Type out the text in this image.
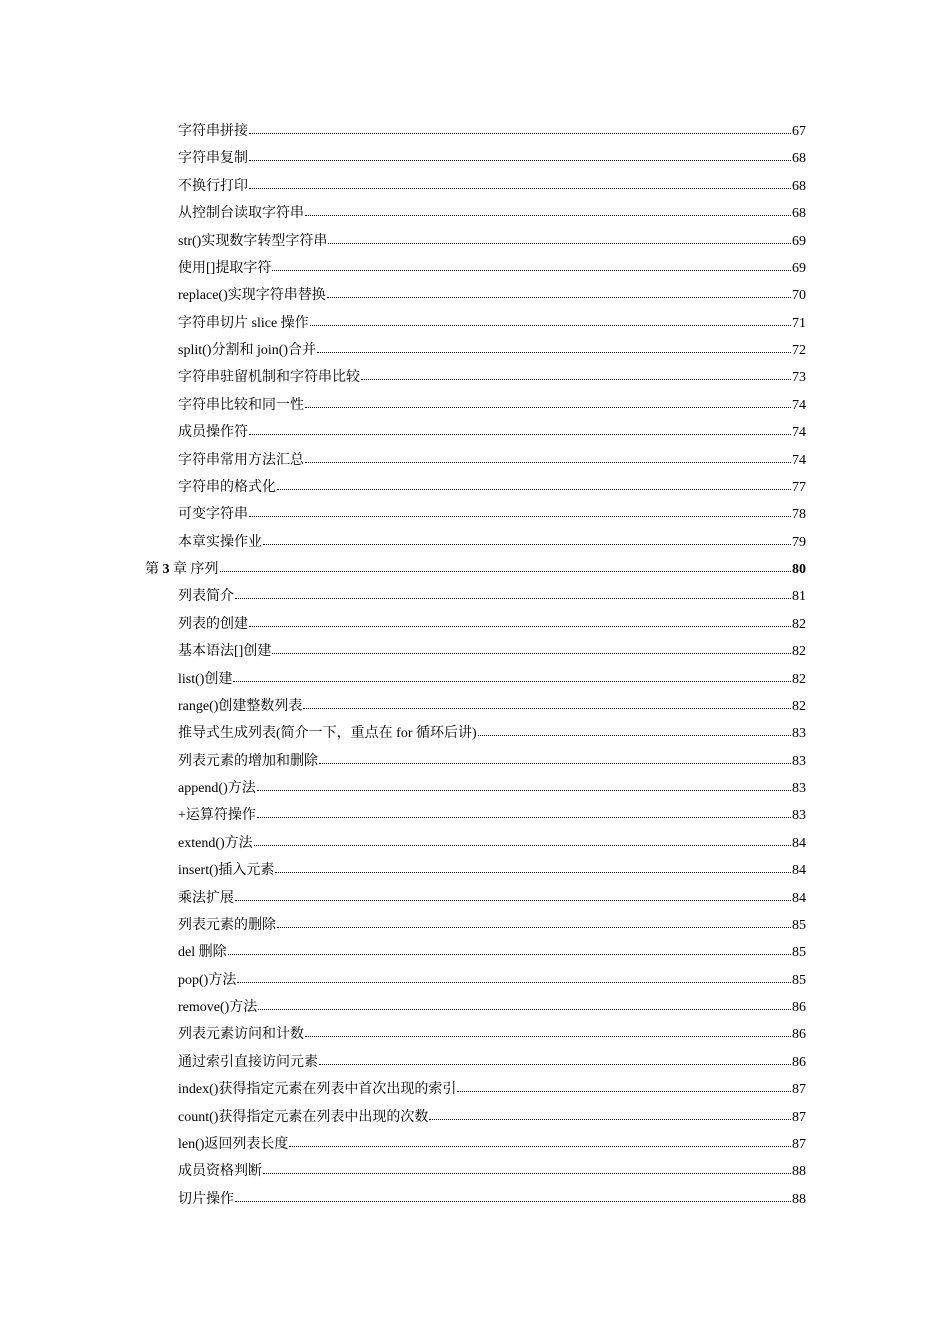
字符串拼接	67
字符串复制	68
不换行打印	68
从控制台读取字符串	68
str()实现数字转型字符串	69
使用[]提取字符	69
replace()实现字符串替换	70
字符串切片 slice 操作	71
split()分割和 join()合并	72
字符串驻留机制和字符串比较	73
字符串比较和同一性	74
成员操作符	74
字符串常用方法汇总	74
字符串的格式化	77
可变字符串	78
本章实操作业	79
第 3 章 序列	80
列表简介	81
列表的创建	82
基本语法[]创建	82
list()创建	82
range()创建整数列表	82
推导式生成列表(简介一下，重点在 for 循环后讲)	83
列表元素的增加和删除	83
append()方法	83
+运算符操作	83
extend()方法	84
insert()插入元素	84
乘法扩展	84
列表元素的删除	85
del 删除	85
pop()方法	85
remove()方法	86
列表元素访问和计数	86
通过索引直接访问元素	86
index()获得指定元素在列表中首次出现的索引	87
count()获得指定元素在列表中出现的次数	87
len()返回列表长度	87
成员资格判断	88
切片操作	88
